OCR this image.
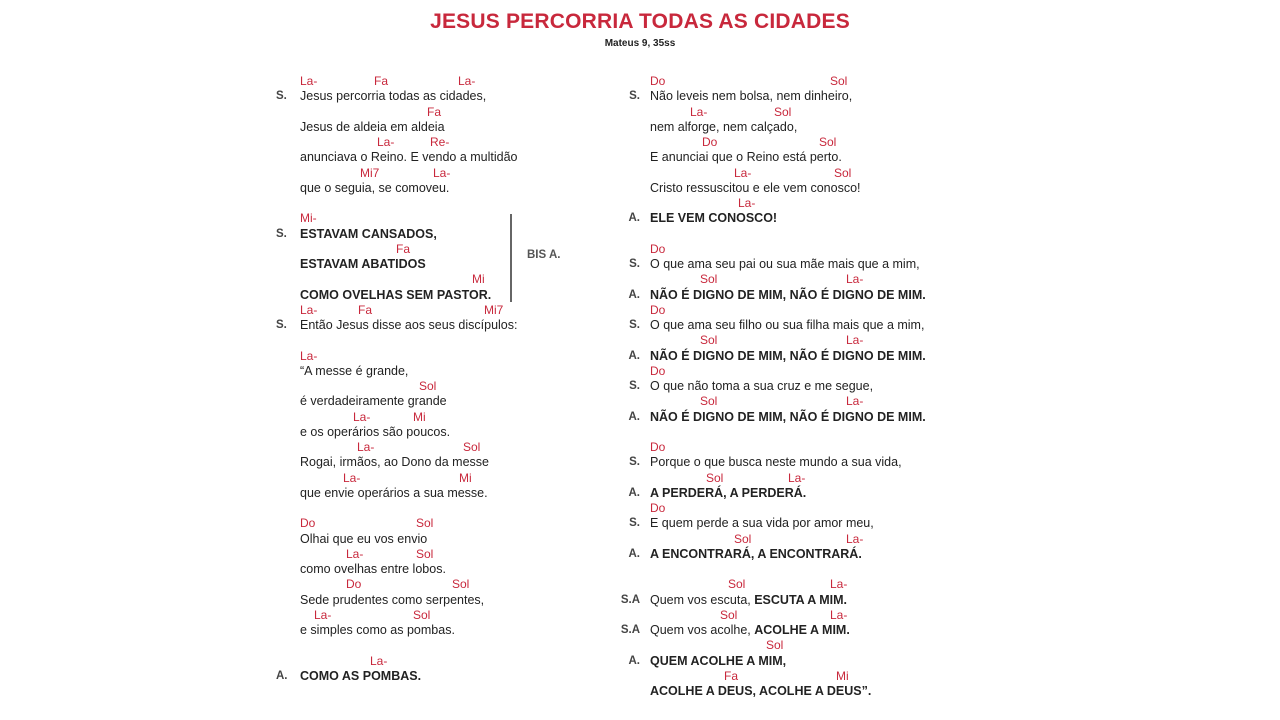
JESUS PERCORRIA TODAS AS CIDADES
Mateus 9, 35ss
La-	Fa	La-
S.	Jesus percorria todas as cidades,
Fa
Jesus de aldeia em aldeia
La-	Re-
anunciava o Reino. E vendo a multidão
Mi7	La-
que o seguia, se comoveu.
Mi-
S.	ESTAVAM CANSADOS,
Fa
ESTAVAM ABATIDOS
Mi
COMO OVELHAS SEM PASTOR.
La-	Fa	Mi7
S.	Então Jesus disse aos seus discípulos:
La-
“A messe é grande,
Sol
é verdadeiramente grande
La-	Mi
e os operários são poucos.
La-	Sol
Rogai, irmãos, ao Dono da messe
La-	Mi
que envie operários a sua messe.
Do	Sol
Olhai que eu vos envio
La-	Sol
como ovelhas entre lobos.
Do	Sol
Sede prudentes como serpentes,
La-	Sol
e simples como as pombas.
La-
A.	COMO AS POMBAS.
Do	Sol
S. Não leveis nem bolsa, nem dinheiro,
La-	Sol
nem alforge, nem calçado,
Do	Sol
E anunciai que o Reino está perto.
La-	Sol
Cristo ressuscitou e ele vem conosco!
La-
A. ELE VEM CONOSCO!
Do
S. O que ama seu pai ou sua mãe mais que a mim,
Sol	La-
A. NÃO É DIGNO DE MIM, NÃO É DIGNO DE MIM.
Do
S. O que ama seu filho ou sua filha mais que a mim,
Sol	La-
A. NÃO É DIGNO DE MIM, NÃO É DIGNO DE MIM.
Do
S. O que não toma a sua cruz e me segue,
Sol	La-
A. NÃO É DIGNO DE MIM, NÃO É DIGNO DE MIM.
Do
S. Porque o que busca neste mundo a sua vida,
Sol	La-
A. A PERDERÁ, A PERDERÁ.
Do
S. E quem perde a sua vida por amor meu,
Sol	La-
A. A ENCONTRARÁ, A ENCONTRARÁ.
Sol	La-
S.A Quem vos escuta, ESCUTA A MIM.
Sol	La-
S.A Quem vos acolhe, ACOLHE A MIM.
Sol
A. QUEM ACOLHE A MIM,
Fa	Mi
ACOLHE A DEUS, ACOLHE A DEUS”.
BIS A.
